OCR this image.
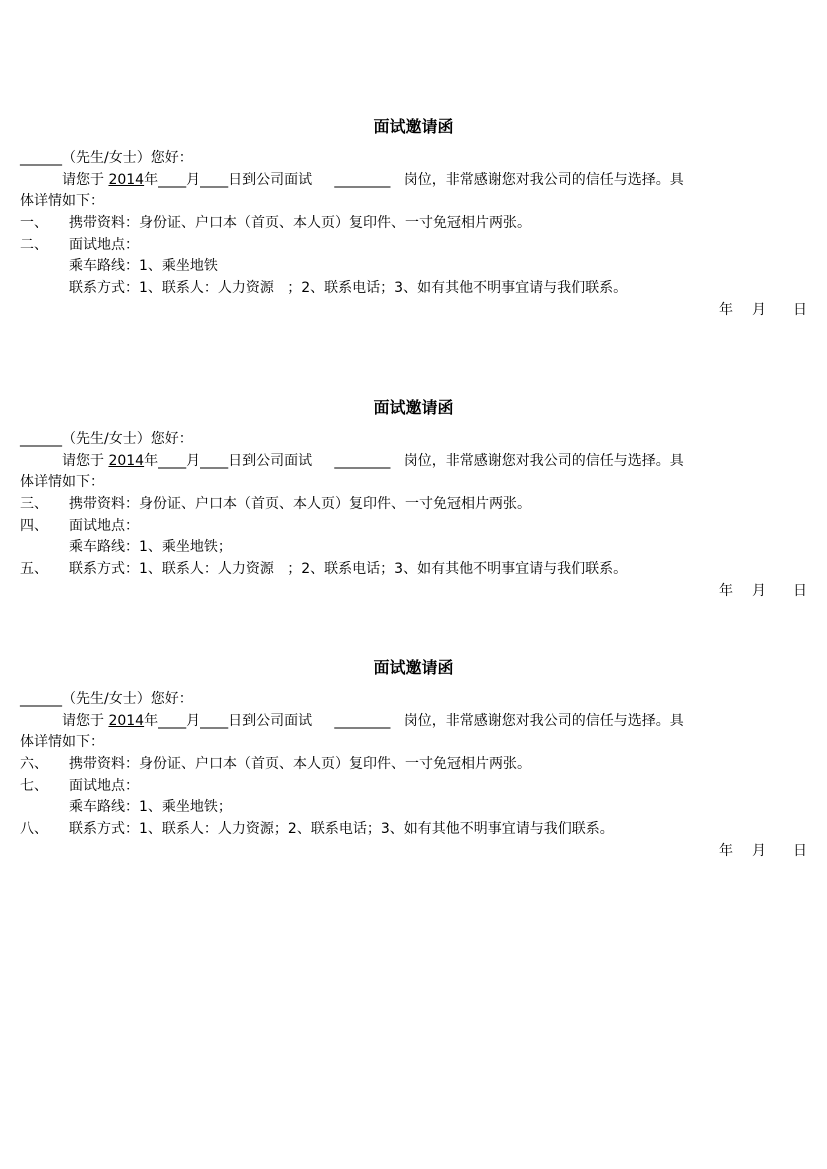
面试邀请函
______（先生/女士）您好：
请您于 2014年____月____日到公司面试     ________   岗位，非常感谢您对我公司的信任与选择。具
体详情如下：
一、 携带资料：身份证、户口本（首页、本人页）复印件、一寸免冠相片两张。
二、 面试地点：
乘车路线：1、乘坐地铁
联系方式：1、联系人：人力资源   ；2、联系电话；3、如有其他不明事宜请与我们联系。
年 月 日
面试邀请函
______（先生/女士）您好：
请您于 2014年____月____日到公司面试     ________   岗位，非常感谢您对我公司的信任与选择。具
体详情如下：
三、 携带资料：身份证、户口本（首页、本人页）复印件、一寸免冠相片两张。
四、 面试地点：
乘车路线：1、乘坐地铁；
五、 联系方式：1、联系人：人力资源   ；2、联系电话；3、如有其他不明事宜请与我们联系。
年 月 日
面试邀请函
______（先生/女士）您好：
请您于 2014年____月____日到公司面试     ________   岗位，非常感谢您对我公司的信任与选择。具
体详情如下：
六、 携带资料：身份证、户口本（首页、本人页）复印件、一寸免冠相片两张。
七、 面试地点：
乘车路线：1、乘坐地铁；
八、 联系方式：1、联系人：人力资源；2、联系电话；3、如有其他不明事宜请与我们联系。
年 月 日
